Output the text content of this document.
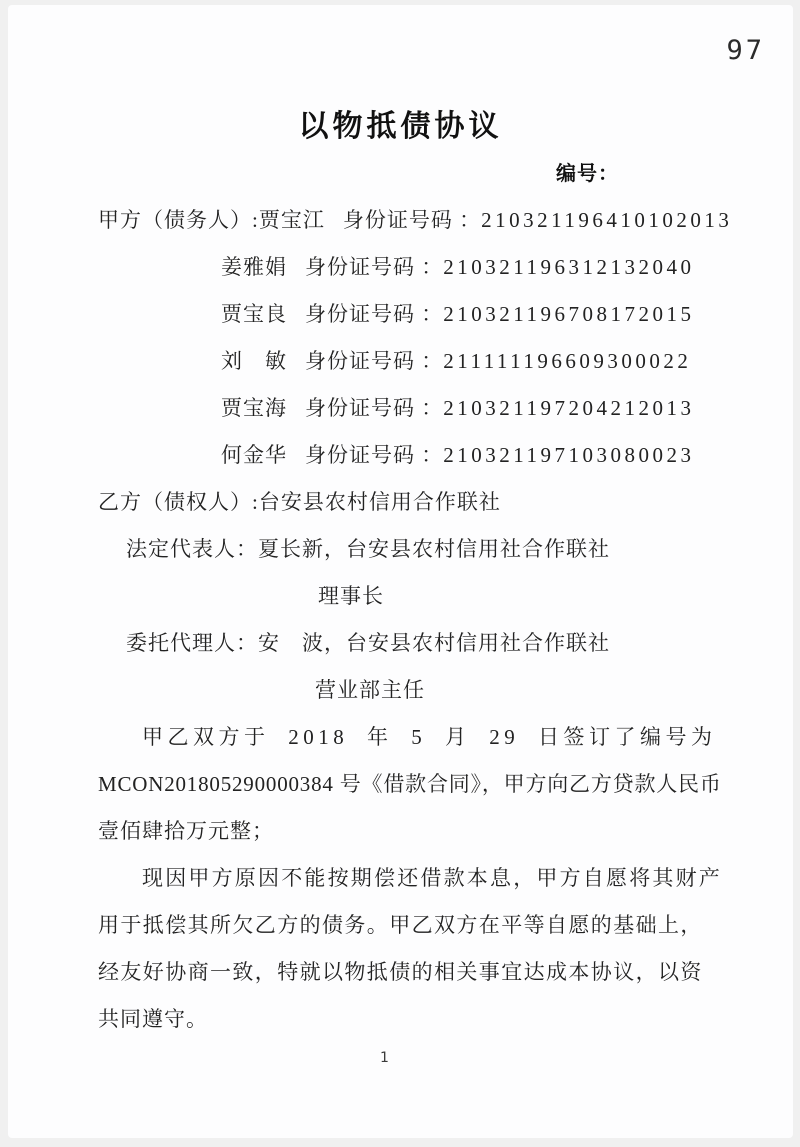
97
以物抵债协议
编号：
甲方（债务人）:贾宝江 身份证号码 ：210321196410102013
姜雅娟 身份证号码 ：210321196312132040
贾宝良 身份证号码 ：210321196708172015
刘　敏 身份证号码 ：211111196609300022
贾宝海 身份证号码 ：210321197204212013
何金华 身份证号码 ：210321197103080023
乙方（债权人）:台安县农村信用合作联社
法定代表人：夏长新，台安县农村信用社合作联社
理事长
委托代理人：安　波，台安县农村信用社合作联社
营业部主任
甲乙双方于 2018 年 5 月 29 日签订了编号为
MCON201805290000384 号《借款合同》，甲方向乙方贷款人民币
壹佰肆拾万元整；
现因甲方原因不能按期偿还借款本息，甲方自愿将其财产
用于抵偿其所欠乙方的债务。甲乙双方在平等自愿的基础上，
经友好协商一致，特就以物抵债的相关事宜达成本协议，以资
共同遵守。
1
